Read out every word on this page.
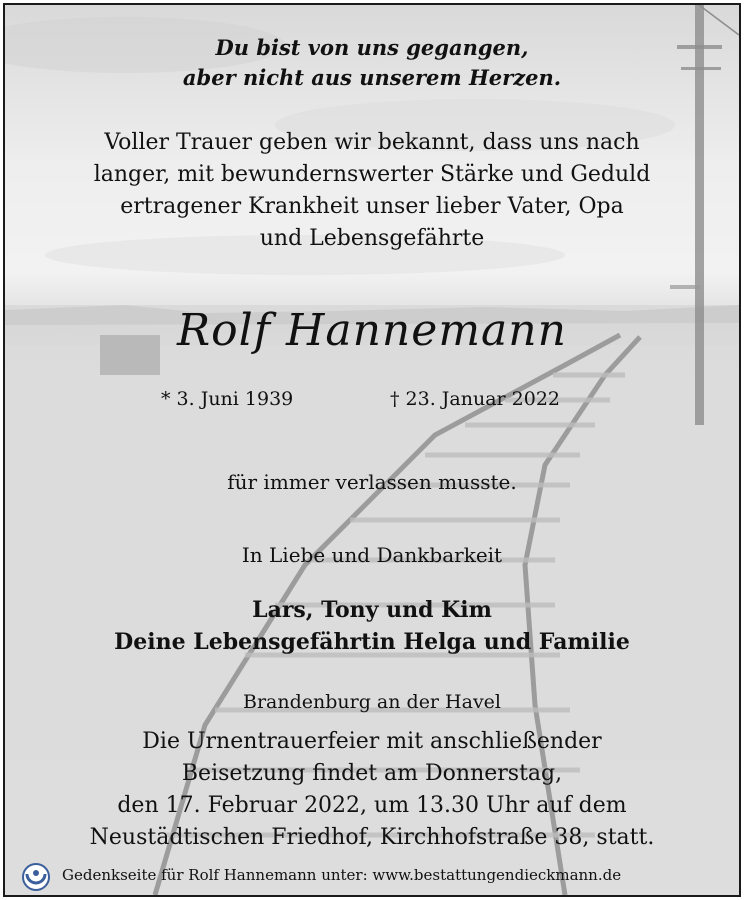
Du bist von uns gegangen,
aber nicht aus unserem Herzen.
Voller Trauer geben wir bekannt, dass uns nach
langer, mit bewundernswerter Stärke und Geduld
ertragener Krankheit unser lieber Vater, Opa
und Lebensgefährte
Rolf Hannemann
* 3. Juni 1939	† 23. Januar 2022
für immer verlassen musste.
In Liebe und Dankbarkeit
Lars, Tony und Kim
Deine Lebensgefährtin Helga und Familie
Brandenburg an der Havel
Die Urnentrauerfeier mit anschließender
Beisetzung findet am Donnerstag,
den 17. Februar 2022, um 13.30 Uhr auf dem
Neustädtischen Friedhof, Kirchhofstraße 38, statt.
Gedenkseite für Rolf Hannemann unter: www.bestattungendieckmann.de
